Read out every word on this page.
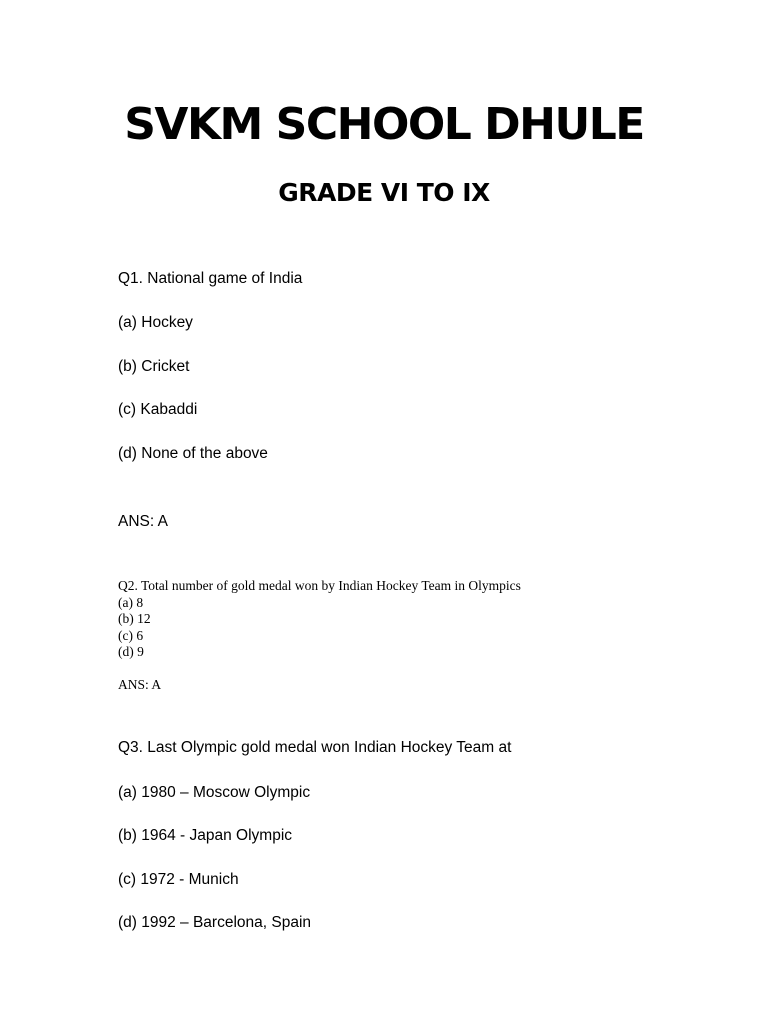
SVKM SCHOOL DHULE
GRADE VI TO IX
Q1. National game of India
(a) Hockey
(b) Cricket
(c) Kabaddi
(d) None of the above
ANS: A
Q2. Total number of gold medal won by Indian Hockey Team in Olympics
(a) 8
(b) 12
(c) 6
(d) 9
ANS: A
Q3. Last Olympic gold medal won Indian Hockey Team at
(a) 1980 – Moscow Olympic
(b) 1964 - Japan Olympic
(c) 1972 - Munich
(d) 1992 – Barcelona, Spain
